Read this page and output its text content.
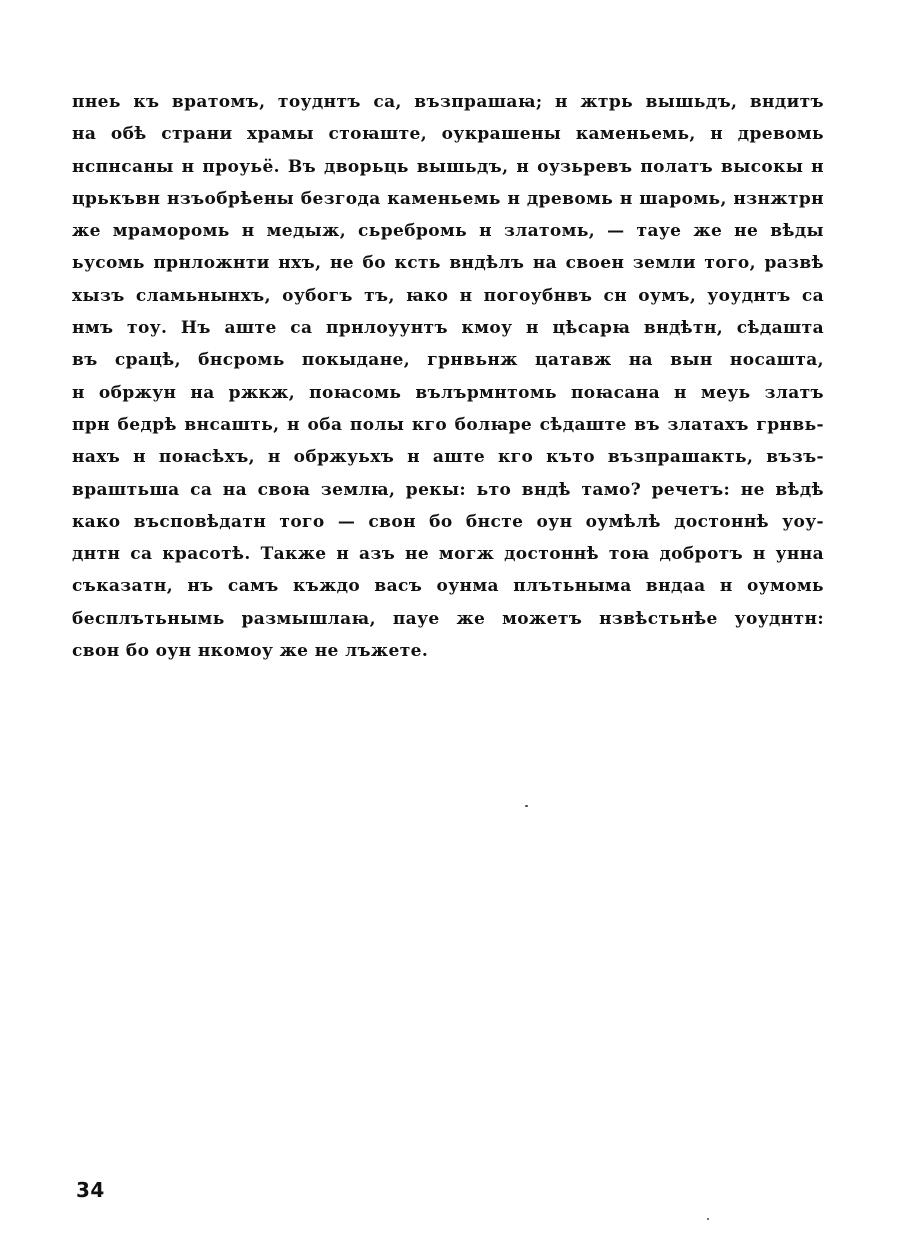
пнеь къ вратомъ, тоуднтъ са, възпрашаꙗ; н жтрь вышьдъ, вндитъ
на обѣ страни храмы стоꙗште, оукрашены каменьемь, н древомь
нспнсаны н проуьё. Въ дворьць вышьдъ, н оузьревъ полатъ высокы н
црькъвн нзъобрѣены безгода каменьемь н древомь н шаромь, нзнжтрн
же мраморомь н медыж, сьребромь н златомь, — тауе же не вѣды
ьусомь прнложнти нхъ, не бо ксть вндѣлъ на своен земли того, развѣ
хызъ сламьнынхъ, оубогъ тъ, ꙗко н погоубнвъ сн оумъ, уоуднтъ са
нмъ тоу. Нъ аште са прнлоуунтъ кмоу н цѣсарꙗ вндѣтн, сѣдашта
въ срацѣ, бнсромь покыдане, грнвьнж цатавж на вын носашта,
н обржун на ржкж, поꙗсомь вълърмнтомь поꙗсана н меуь златъ
прн бедрѣ внсашть, н оба полы кго болꙗре сѣдаште въ златахъ грнвь-
нахъ н поꙗсѣхъ, н обржуьхъ н аште кго къто възпрашакть, възъ-
враштьша са на своꙗ землꙗ, рекы: ьто вндѣ тамо? речетъ: не вѣдѣ
како въсповѣдатн того — свон бо бнсте оун оумѣлѣ достоннѣ уоу-
днтн са красотѣ. Также н азъ не могж достоннѣ тоꙗ добротъ н унна
съказатн, нъ самъ къждо васъ оунма плътьныма вндаа н оумомь
бесплътьнымь размышлаꙗ, пауе же можетъ нзвѣстьнѣе уоуднтн:
свон бо оун нкомоу же не лъжете.
34
